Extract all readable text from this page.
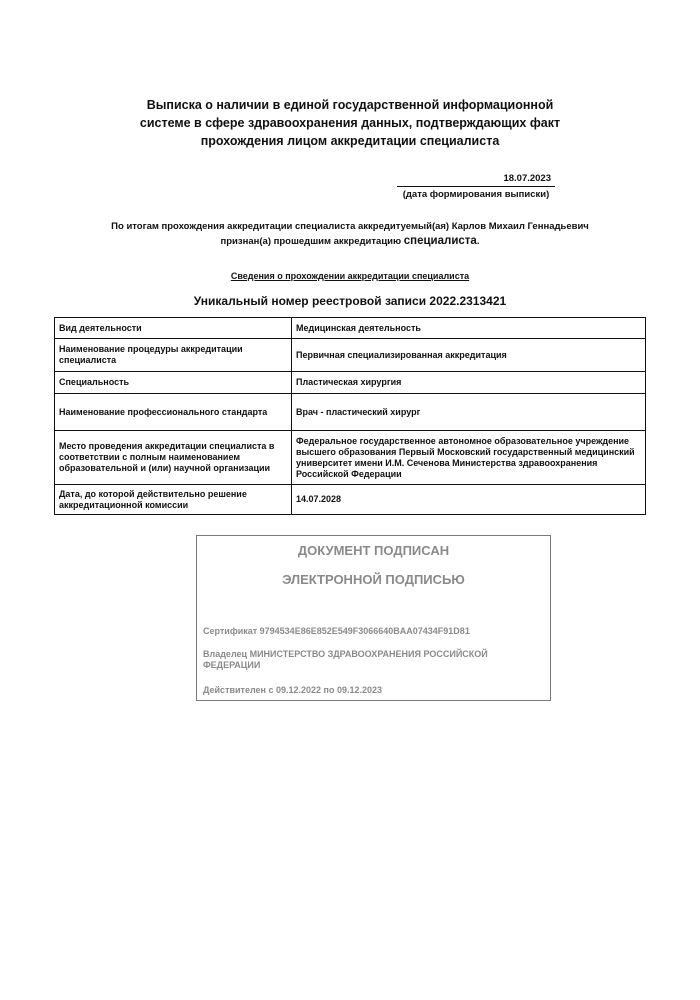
Выписка о наличии в единой государственной информационной
системе в сфере здравоохранения данных, подтверждающих факт
прохождения лицом аккредитации специалиста
18.07.2023
(дата формирования выписки)
По итогам прохождения аккредитации специалиста аккредитуемый(ая) Карлов Михаил Геннадьевич
признан(а) прошедшим аккредитацию специалиста.
Сведения о прохождении аккредитации специалиста
Уникальный номер реестровой записи 2022.2313421
Вид деятельности	Медицинская деятельность
Наименование процедуры аккредитации специалиста	Первичная специализированная аккредитация
Специальность	Пластическая хирургия
Наименование профессионального стандарта	Врач - пластический хирург
Место проведения аккредитации специалиста в соответствии с полным наименованием образовательной и (или) научной организации	Федеральное государственное автономное образовательное учреждение высшего образования Первый Московский государственный медицинский университет имени И.М. Сеченова Министерства здравоохранения Российской Федерации
Дата, до которой действительно решение аккредитационной комиссии	14.07.2028
ДОКУМЕНТ ПОДПИСАН
ЭЛЕКТРОННОЙ ПОДПИСЬЮ
Сертификат 9794534E86E852E549F3066640BAA07434F91D81
Владелец МИНИСТЕРСТВО ЗДРАВООХРАНЕНИЯ РОССИЙСКОЙ ФЕДЕРАЦИИ
Действителен с 09.12.2022 по 09.12.2023
